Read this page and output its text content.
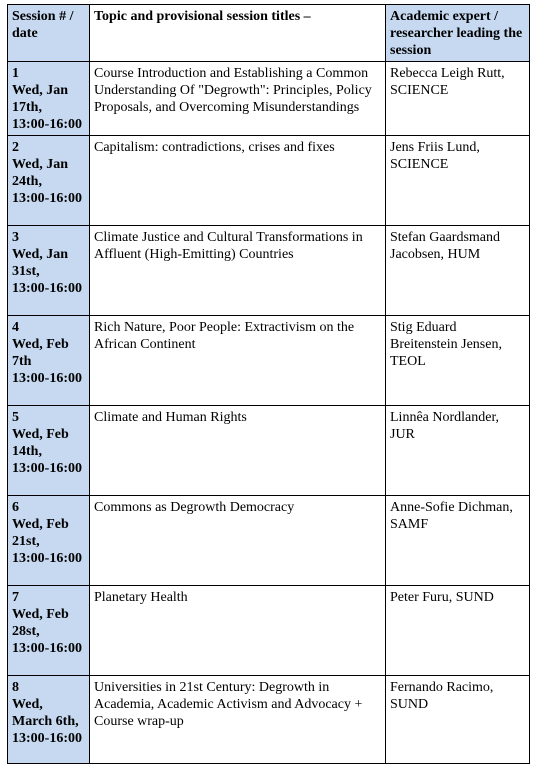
Session # / date	Topic and provisional session titles –	Academic expert / researcher leading the session

1
Wed, Jan
17th,
13:00-16:00	Course Introduction and Establishing a Common Understanding Of "Degrowth": Principles, Policy Proposals, and Overcoming Misunderstandings	Rebecca Leigh Rutt, SCIENCE

2
Wed, Jan
24th,
13:00-16:00	Capitalism: contradictions, crises and fixes	Jens Friis Lund, SCIENCE

3
Wed, Jan
31st,
13:00-16:00	Climate Justice and Cultural Transformations in Affluent (High-Emitting) Countries	Stefan Gaardsmand Jacobsen, HUM

4
Wed, Feb
7th
13:00-16:00	Rich Nature, Poor People: Extractivism on the African Continent	Stig Eduard Breitenstein Jensen, TEOL

5
Wed, Feb
14th,
13:00-16:00	Climate and Human Rights	Linnêa Nordlander, JUR

6
Wed, Feb
21st,
13:00-16:00	Commons as Degrowth Democracy	Anne-Sofie Dichman, SAMF

7
Wed, Feb
28st,
13:00-16:00	Planetary Health	Peter Furu, SUND

8
Wed,
March 6th,
13:00-16:00	Universities in 21st Century: Degrowth in Academia, Academic Activism and Advocacy + Course wrap-up	Fernando Racimo, SUND
